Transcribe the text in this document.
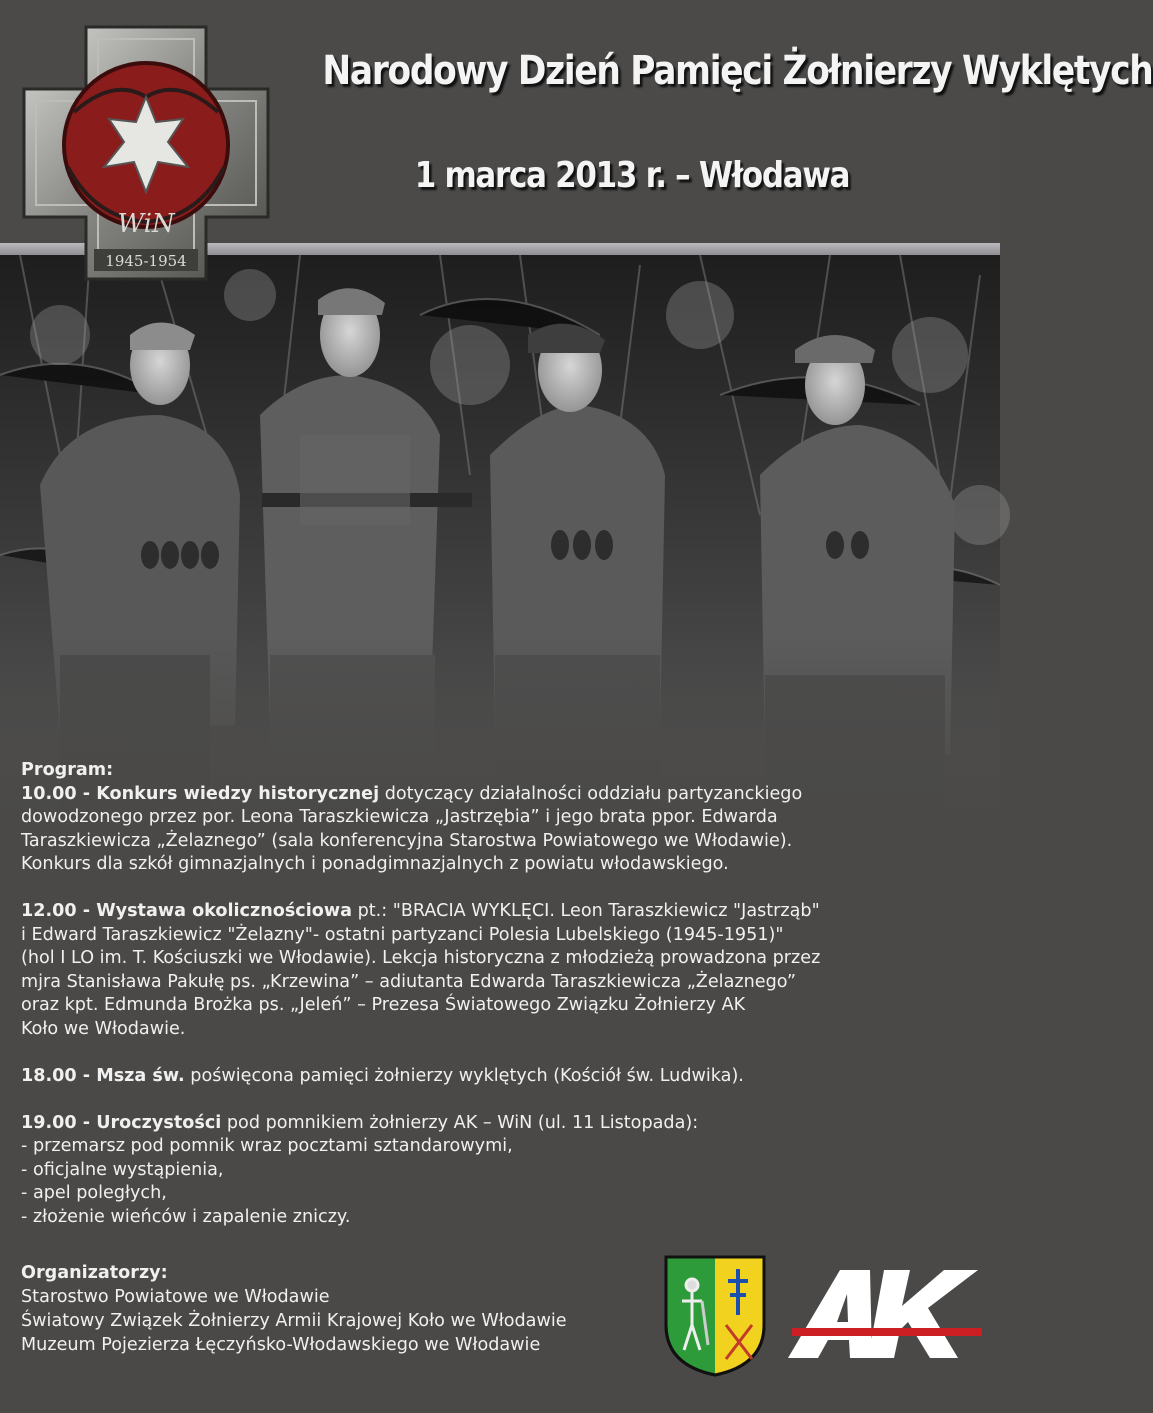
WiN
1945-1954
Narodowy Dzień Pamięci Żołnierzy Wyklętych
1 marca 2013 r. – Włodawa
Program:

10.00 - Konkurs wiedzy historycznej dotyczący działalności oddziału partyzanckiego
dowodzonego przez por. Leona Taraszkiewicza „Jastrzębia” i jego brata ppor. Edwarda
Taraszkiewicza „Żelaznego” (sala konferencyjna Starostwa Powiatowego we Włodawie).
Konkurs dla szkół gimnazjalnych i ponadgimnazjalnych z powiatu włodawskiego.

12.00 - Wystawa okolicznościowa pt.: "BRACIA WYKLĘCI. Leon Taraszkiewicz "Jastrząb"
i Edward Taraszkiewicz "Żelazny"- ostatni partyzanci Polesia Lubelskiego (1945-1951)"
(hol I LO im. T. Kościuszki we Włodawie). Lekcja historyczna z młodzieżą prowadzona przez
mjra Stanisława Pakułę ps. „Krzewina” – adiutanta Edwarda Taraszkiewicza „Żelaznego”
oraz kpt. Edmunda Brożka ps. „Jeleń” – Prezesa Światowego Związku Żołnierzy AK
Koło we Włodawie.

18.00 - Msza św. poświęcona pamięci żołnierzy wyklętych (Kościół św. Ludwika).

19.00 - Uroczystości pod pomnikiem żołnierzy AK – WiN (ul. 11 Listopada):
- przemarsz pod pomnik wraz pocztami sztandarowymi,
- oficjalne wystąpienia,
- apel poległych,
- złożenie wieńców i zapalenie zniczy.

Organizatorzy:
Starostwo Powiatowe we Włodawie
Światowy Związek Żołnierzy Armii Krajowej Koło we Włodawie
Muzeum Pojezierza Łęczyńsko-Włodawskiego we Włodawie
AK
